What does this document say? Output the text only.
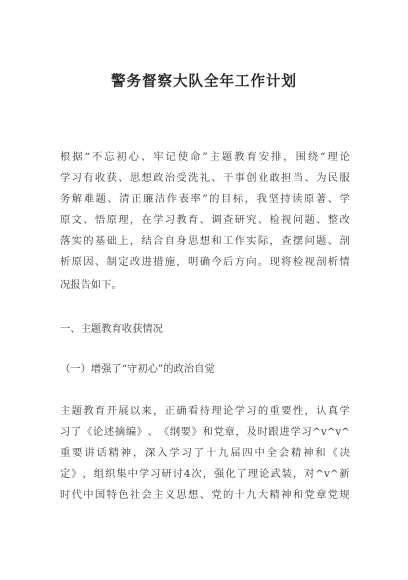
警务督察大队全年工作计划
根 据 “ 不 忘 初 心 、 牢 记 使 命 ” 主 题 教 育 安 排 ， 围 绕 “ 理 论
学 习 有 收 获 、 思 想 政 治 受 洗 礼 、 干 事 创 业 敢 担 当 、 为 民 服
务 解 难 题 、 清 正 廉 洁 作 表 率 ” 的 目 标 ， 我 坚 持 读 原 著 、 学
原 文 、 悟 原 理 ， 在 学 习 教 育 、 调 查 研 究 、 检 视 问 题 、 整 改
落 实 的 基 础 上 ， 结 合 自 身 思 想 和 工 作 实 际 ， 查 摆 问 题 、 剖
析 原 因 、 制 定 改 进 措 施 ， 明 确 今 后 方 向 。 现 将 检 视 剖 析 情
况报告如下。
一、主题教育收获情况
（一）增强了“守初心”的政治自觉
主 题 教 育 开 展 以 来 ， 正 确 看 待 理 论 学 习 的 重 要 性 ， 认 真 学
习 了 《 论 述 摘 编 》 、 《 纲 要 》 和 党 章 ， 及 时 跟 进 学 习 ^v^v^
重 要 讲 话 精 神 ， 深 入 学 习 了 十 九 届 四 中 全 会 精 神 和 《 决
定 》 ， 组 织 集 中 学 习 研 讨 4 次 ， 强 化 了 理 论 武 装 ， 对 ^v^ 新
时 代 中 国 特 色 社 会 主 义 思 想 、 党 的 十 九 大 精 神 和 党 章 党 规
